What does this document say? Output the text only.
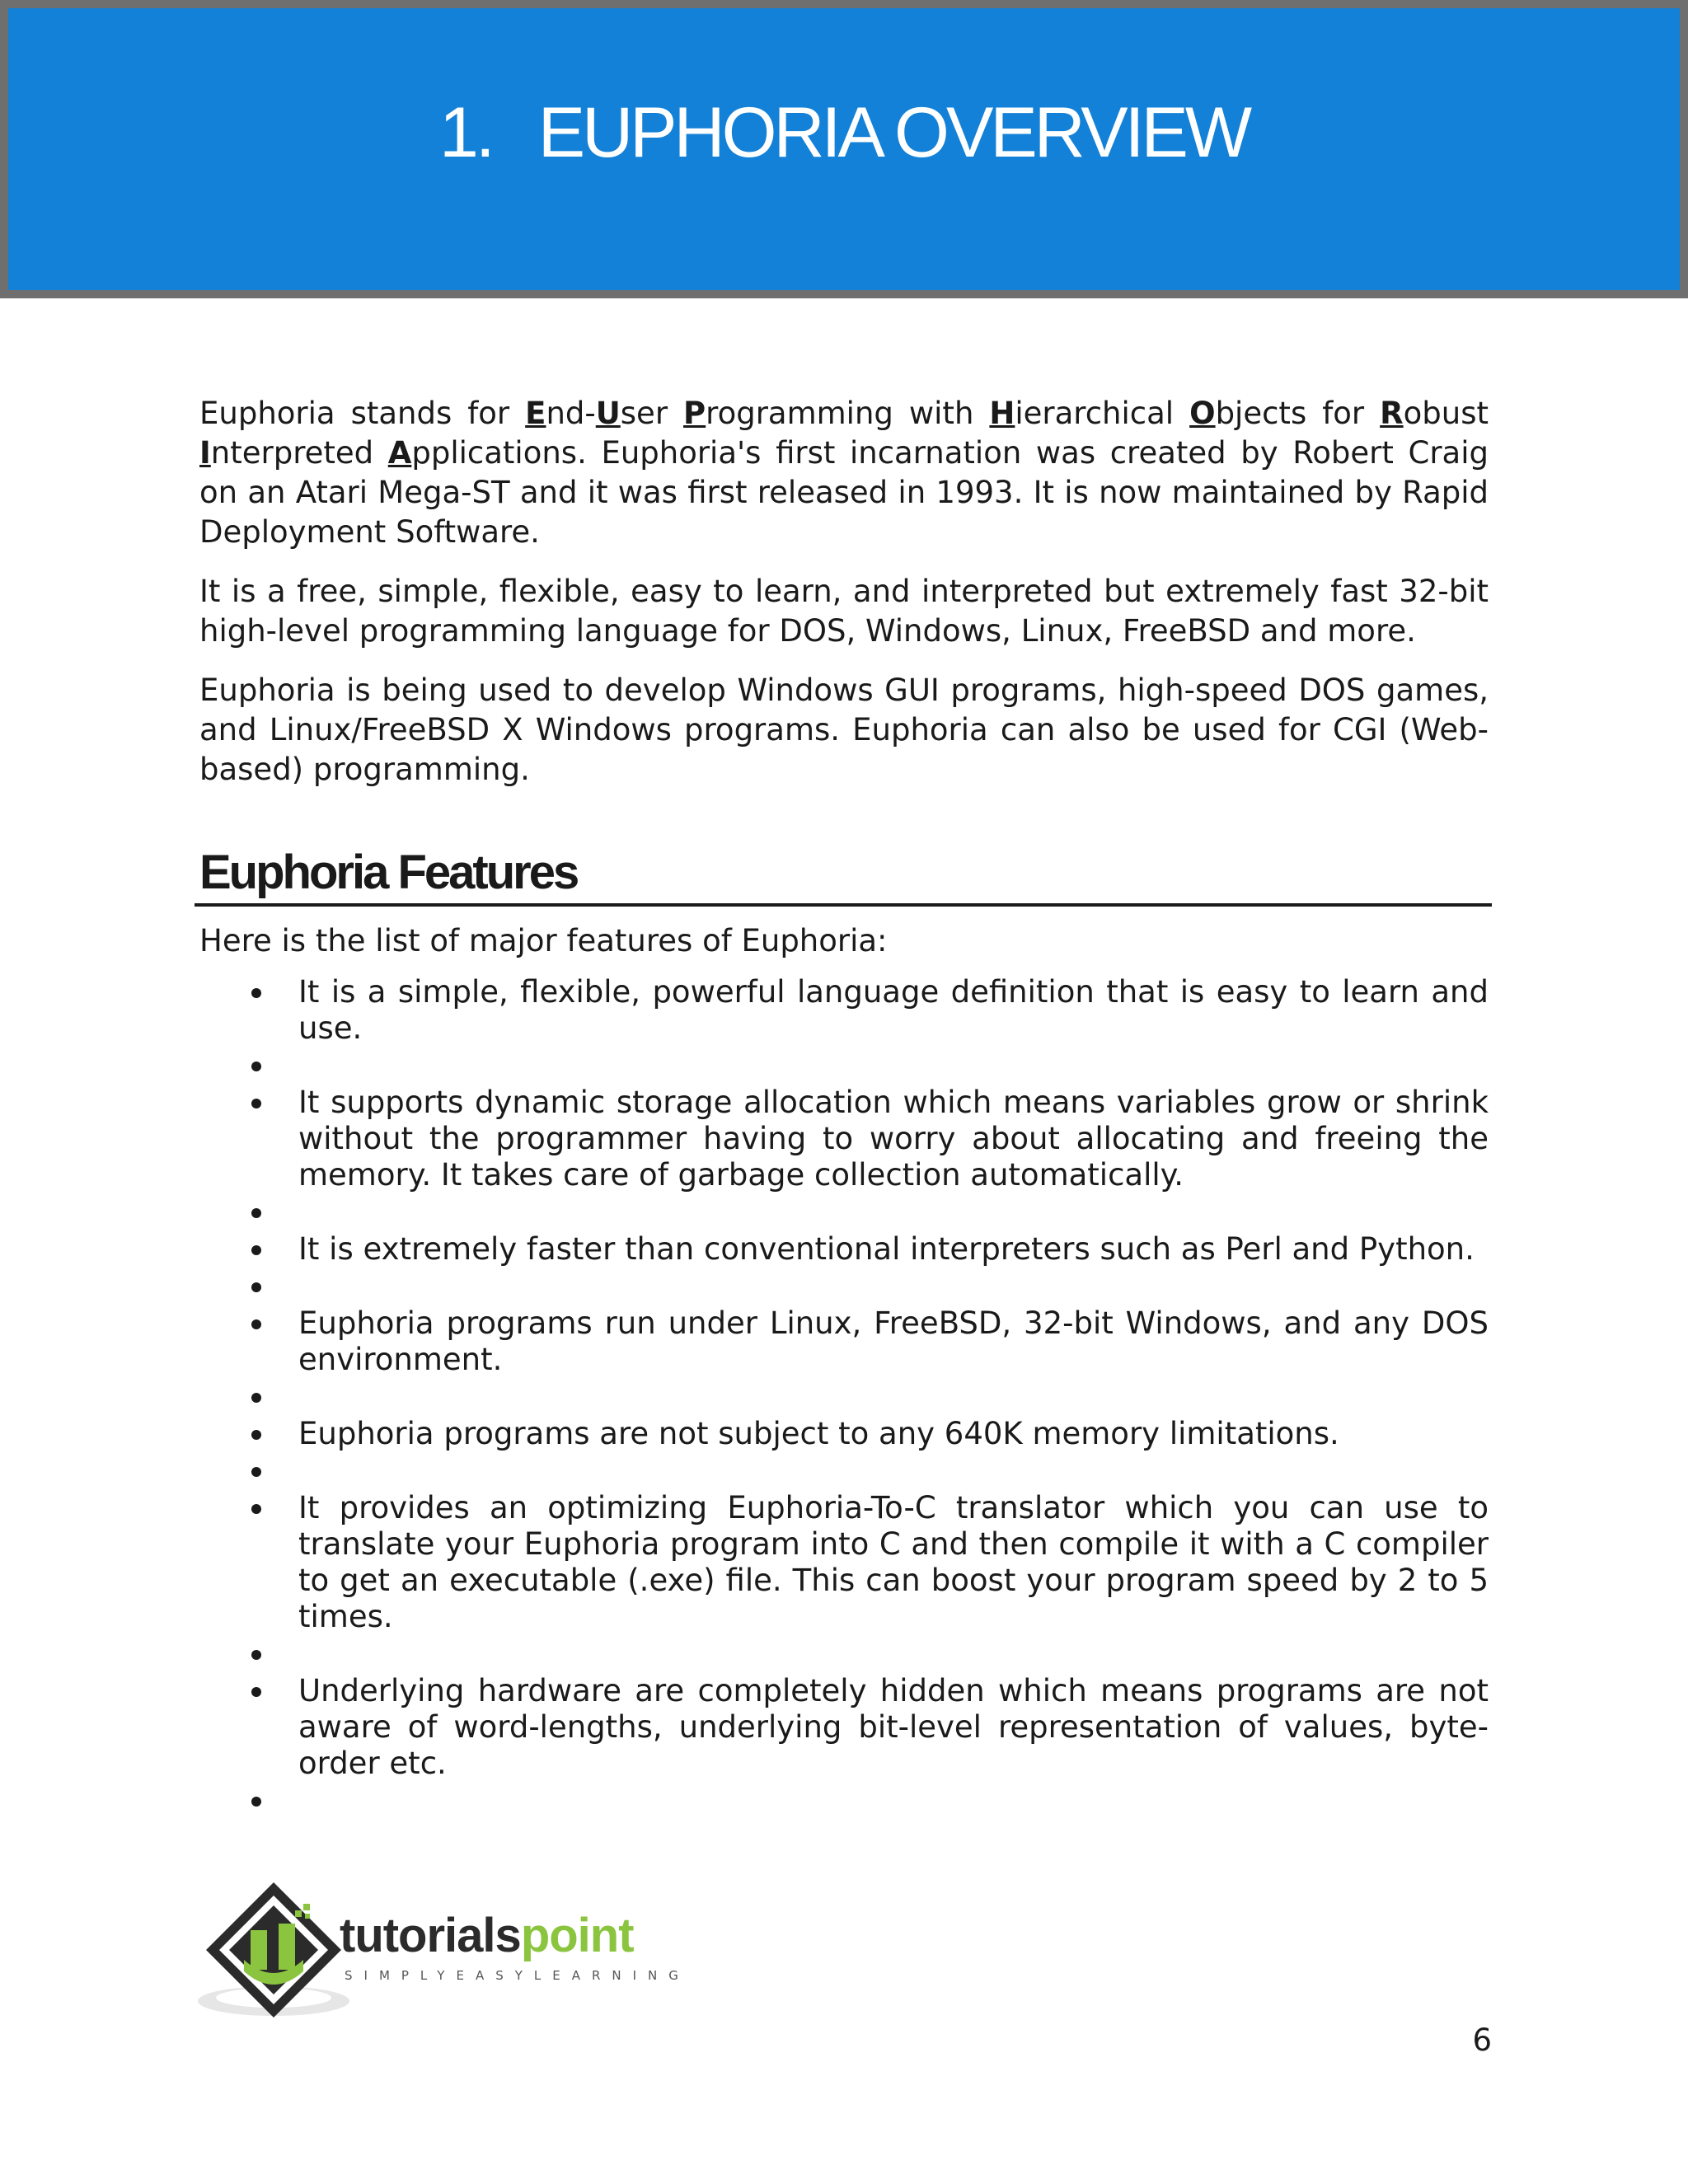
1. EUPHORIA OVERVIEW

Euphoria stands for End-User Programming with Hierarchical Objects for Robust Interpreted Applications. Euphoria's first incarnation was created by Robert Craig on an Atari Mega-ST and it was first released in 1993. It is now maintained by Rapid Deployment Software.

It is a free, simple, flexible, easy to learn, and interpreted but extremely fast 32-bit high-level programming language for DOS, Windows, Linux, FreeBSD and more.

Euphoria is being used to develop Windows GUI programs, high-speed DOS games, and Linux/FreeBSD X Windows programs. Euphoria can also be used for CGI (Web-based) programming.

Euphoria Features
Here is the list of major features of Euphoria:
It is a simple, flexible, powerful language definition that is easy to learn and use.
It supports dynamic storage allocation which means variables grow or shrink without the programmer having to worry about allocating and freeing the memory. It takes care of garbage collection automatically.
It is extremely faster than conventional interpreters such as Perl and Python.
Euphoria programs run under Linux, FreeBSD, 32-bit Windows, and any DOS environment.
Euphoria programs are not subject to any 640K memory limitations.
It provides an optimizing Euphoria-To-C translator which you can use to translate your Euphoria program into C and then compile it with a C compiler to get an executable (.exe) file. This can boost your program speed by 2 to 5 times.
Underlying hardware are completely hidden which means programs are not aware of word-lengths, underlying bit-level representation of values, byte-order etc.
tutorialspoint
SIMPLYEASYLEARNING
6
